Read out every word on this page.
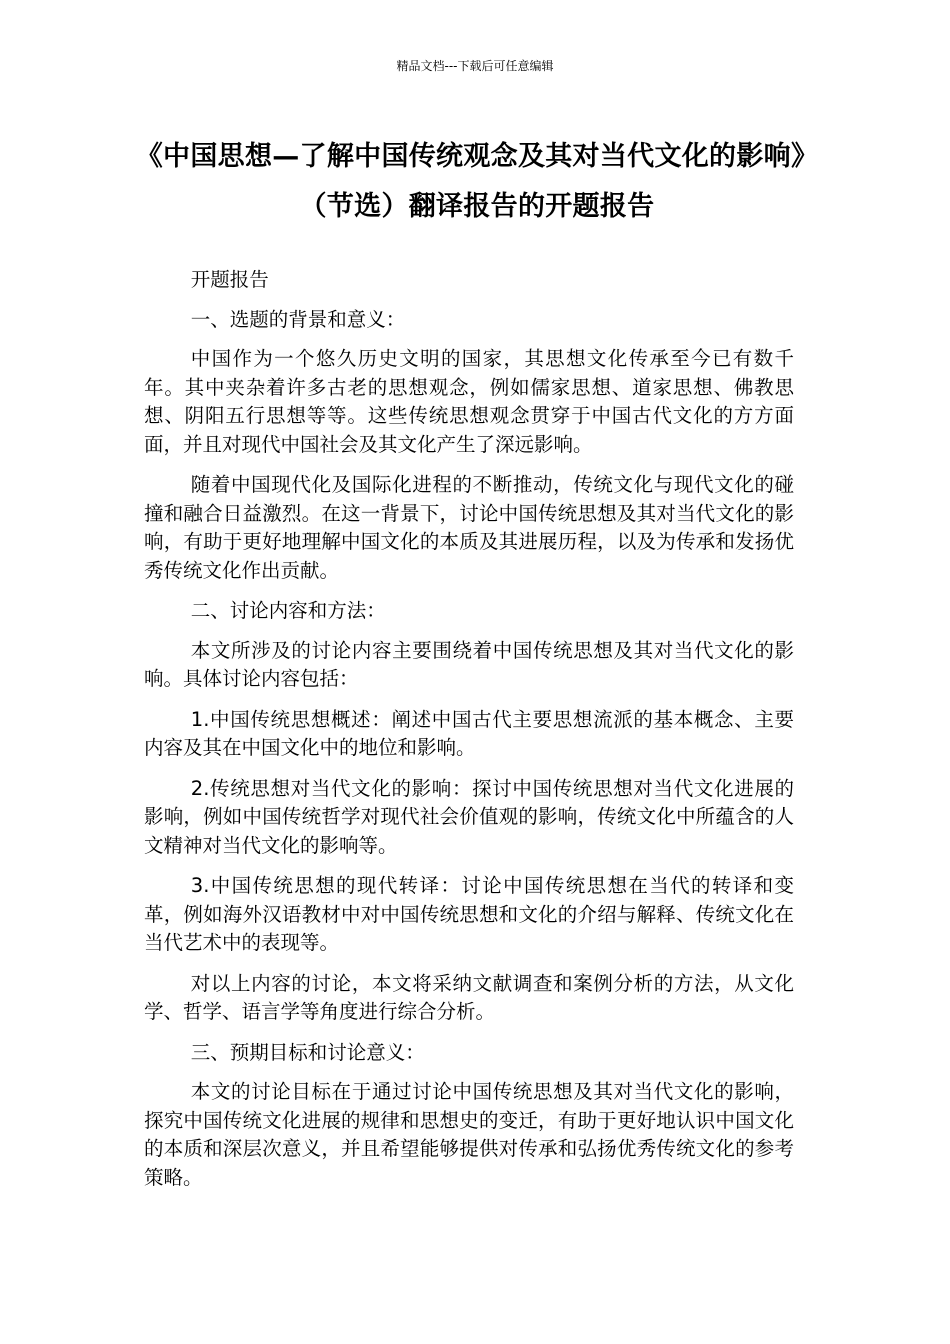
精品文档---下载后可任意编辑
《中国思想—了解中国传统观念及其对当代文化的影响》（节选）翻译报告的开题报告

开题报告

一、选题的背景和意义：

中国作为一个悠久历史文明的国家，其思想文化传承至今已有数千年。其中夹杂着许多古老的思想观念，例如儒家思想、道家思想、佛教思想、阴阳五行思想等等。这些传统思想观念贯穿于中国古代文化的方方面面，并且对现代中国社会及其文化产生了深远影响。

随着中国现代化及国际化进程的不断推动，传统文化与现代文化的碰撞和融合日益激烈。在这一背景下，讨论中国传统思想及其对当代文化的影响，有助于更好地理解中国文化的本质及其进展历程，以及为传承和发扬优秀传统文化作出贡献。

二、讨论内容和方法：

本文所涉及的讨论内容主要围绕着中国传统思想及其对当代文化的影响。具体讨论内容包括：

1.中国传统思想概述：阐述中国古代主要思想流派的基本概念、主要内容及其在中国文化中的地位和影响。

2.传统思想对当代文化的影响：探讨中国传统思想对当代文化进展的影响，例如中国传统哲学对现代社会价值观的影响，传统文化中所蕴含的人文精神对当代文化的影响等。

3.中国传统思想的现代转译：讨论中国传统思想在当代的转译和变革，例如海外汉语教材中对中国传统思想和文化的介绍与解释、传统文化在当代艺术中的表现等。

对以上内容的讨论，本文将采纳文献调查和案例分析的方法，从文化学、哲学、语言学等角度进行综合分析。

三、预期目标和讨论意义：

本文的讨论目标在于通过讨论中国传统思想及其对当代文化的影响，探究中国传统文化进展的规律和思想史的变迁，有助于更好地认识中国文化的本质和深层次意义，并且希望能够提供对传承和弘扬优秀传统文化的参考策略。
